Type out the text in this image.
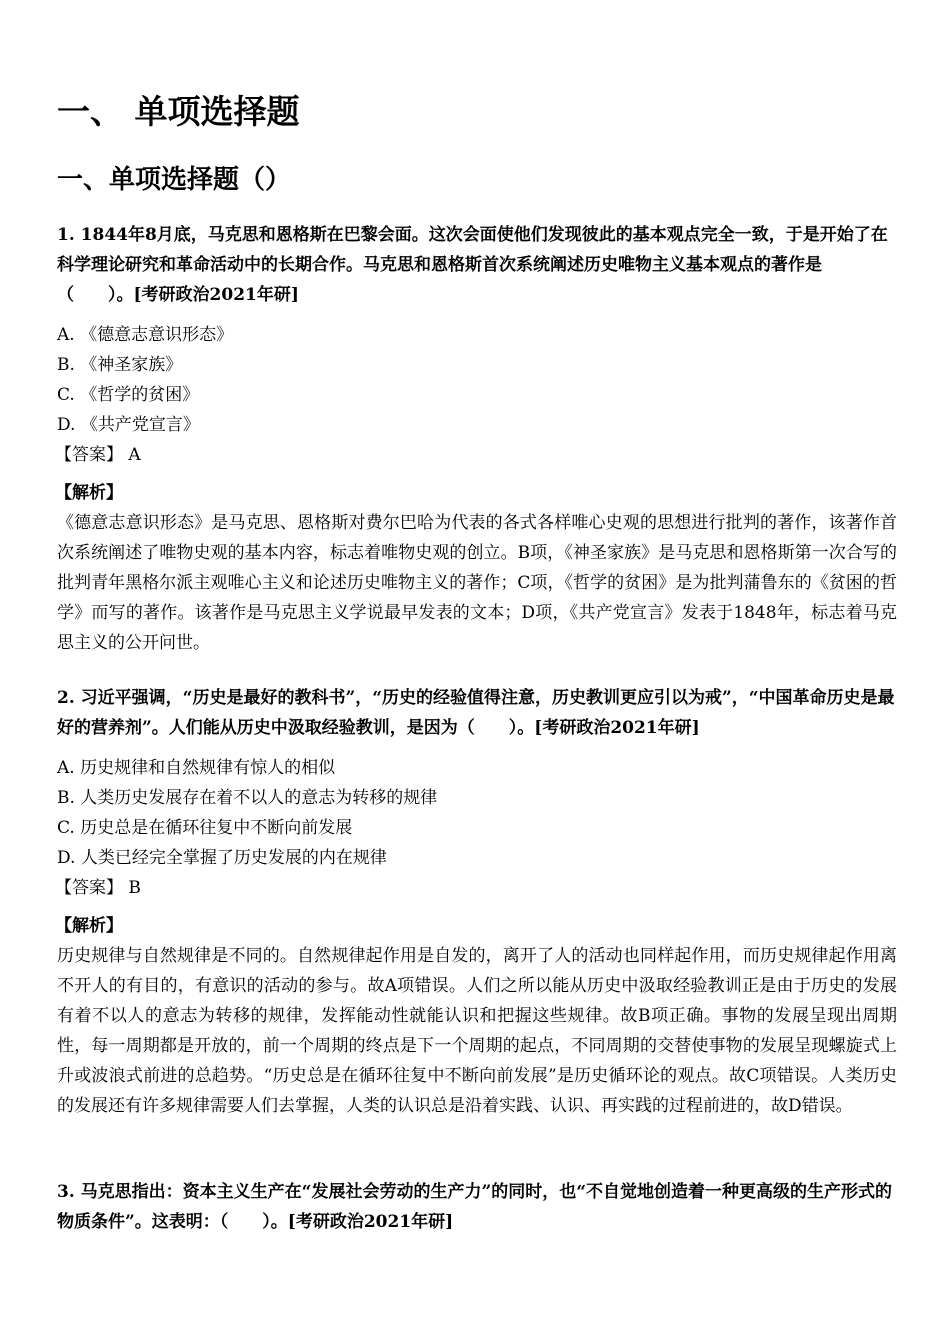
一、 单项选择题
一、单项选择题（）

1. 1844年8月底，马克思和恩格斯在巴黎会面。这次会面使他们发现彼此的基本观点完全一致，于是开始了在科学理论研究和革命活动中的长期合作。马克思和恩格斯首次系统阐述历史唯物主义基本观点的著作是（　　）。[考研政治2021年研]

A. 《德意志意识形态》
B. 《神圣家族》
C. 《哲学的贫困》
D. 《共产党宣言》

【答案】 A

【解析】

《德意志意识形态》是马克思、恩格斯对费尔巴哈为代表的各式各样唯心史观的思想进行批判的著作，该著作首次系统阐述了唯物史观的基本内容，标志着唯物史观的创立。B项，《神圣家族》是马克思和恩格斯第一次合写的批判青年黑格尔派主观唯心主义和论述历史唯物主义的著作；C项，《哲学的贫困》是为批判蒲鲁东的《贫困的哲学》而写的著作。该著作是马克思主义学说最早发表的文本；D项，《共产党宣言》发表于1848年，标志着马克思主义的公开问世。

2. 习近平强调，“历史是最好的教科书”，“历史的经验值得注意，历史教训更应引以为戒”，“中国革命历史是最好的营养剂”。人们能从历史中汲取经验教训，是因为（　　）。[考研政治2021年研]

A. 历史规律和自然规律有惊人的相似
B. 人类历史发展存在着不以人的意志为转移的规律
C. 历史总是在循环往复中不断向前发展
D. 人类已经完全掌握了历史发展的内在规律

【答案】 B

【解析】

历史规律与自然规律是不同的。自然规律起作用是自发的，离开了人的活动也同样起作用，而历史规律起作用离不开人的有目的，有意识的活动的参与。故A项错误。人们之所以能从历史中汲取经验教训正是由于历史的发展有着不以人的意志为转移的规律，发挥能动性就能认识和把握这些规律。故B项正确。事物的发展呈现出周期性，每一周期都是开放的，前一个周期的终点是下一个周期的起点，不同周期的交替使事物的发展呈现螺旋式上升或波浪式前进的总趋势。“历史总是在循环往复中不断向前发展”是历史循环论的观点。故C项错误。人类历史的发展还有许多规律需要人们去掌握，人类的认识总是沿着实践、认识、再实践的过程前进的，故D错误。

3. 马克思指出：资本主义生产在“发展社会劳动的生产力”的同时，也“不自觉地创造着一种更高级的生产形式的物质条件”。这表明：（　　）。[考研政治2021年研]
